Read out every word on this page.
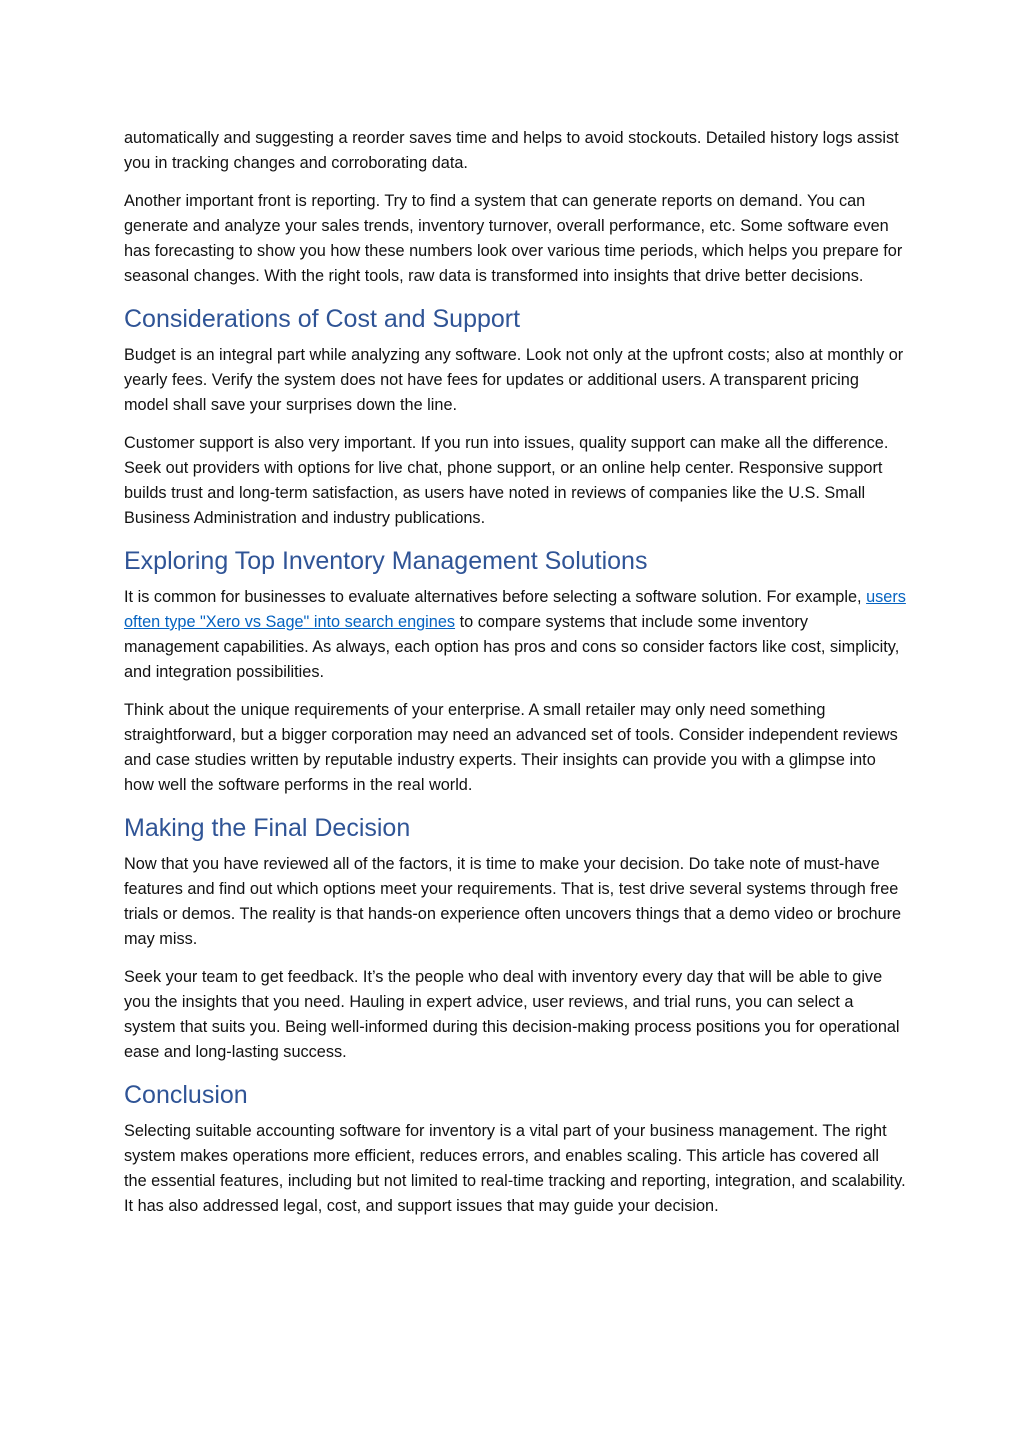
automatically and suggesting a reorder saves time and helps to avoid stockouts. Detailed history logs assist you in tracking changes and corroborating data.

Another important front is reporting. Try to find a system that can generate reports on demand. You can generate and analyze your sales trends, inventory turnover, overall performance, etc. Some software even has forecasting to show you how these numbers look over various time periods, which helps you prepare for seasonal changes. With the right tools, raw data is transformed into insights that drive better decisions.

Considerations of Cost and Support

Budget is an integral part while analyzing any software. Look not only at the upfront costs; also at monthly or yearly fees. Verify the system does not have fees for updates or additional users. A transparent pricing model shall save your surprises down the line.

Customer support is also very important. If you run into issues, quality support can make all the difference. Seek out providers with options for live chat, phone support, or an online help center. Responsive support builds trust and long-term satisfaction, as users have noted in reviews of companies like the U.S. Small Business Administration and industry publications.

Exploring Top Inventory Management Solutions

It is common for businesses to evaluate alternatives before selecting a software solution. For example, users often type "Xero vs Sage" into search engines to compare systems that include some inventory management capabilities. As always, each option has pros and cons so consider factors like cost, simplicity, and integration possibilities.

Think about the unique requirements of your enterprise. A small retailer may only need something straightforward, but a bigger corporation may need an advanced set of tools. Consider independent reviews and case studies written by reputable industry experts. Their insights can provide you with a glimpse into how well the software performs in the real world.

Making the Final Decision

Now that you have reviewed all of the factors, it is time to make your decision. Do take note of must-have features and find out which options meet your requirements. That is, test drive several systems through free trials or demos. The reality is that hands-on experience often uncovers things that a demo video or brochure may miss.

Seek your team to get feedback. It’s the people who deal with inventory every day that will be able to give you the insights that you need. Hauling in expert advice, user reviews, and trial runs, you can select a system that suits you. Being well-informed during this decision-making process positions you for operational ease and long-lasting success.

Conclusion

Selecting suitable accounting software for inventory is a vital part of your business management. The right system makes operations more efficient, reduces errors, and enables scaling. This article has covered all the essential features, including but not limited to real-time tracking and reporting, integration, and scalability. It has also addressed legal, cost, and support issues that may guide your decision.
